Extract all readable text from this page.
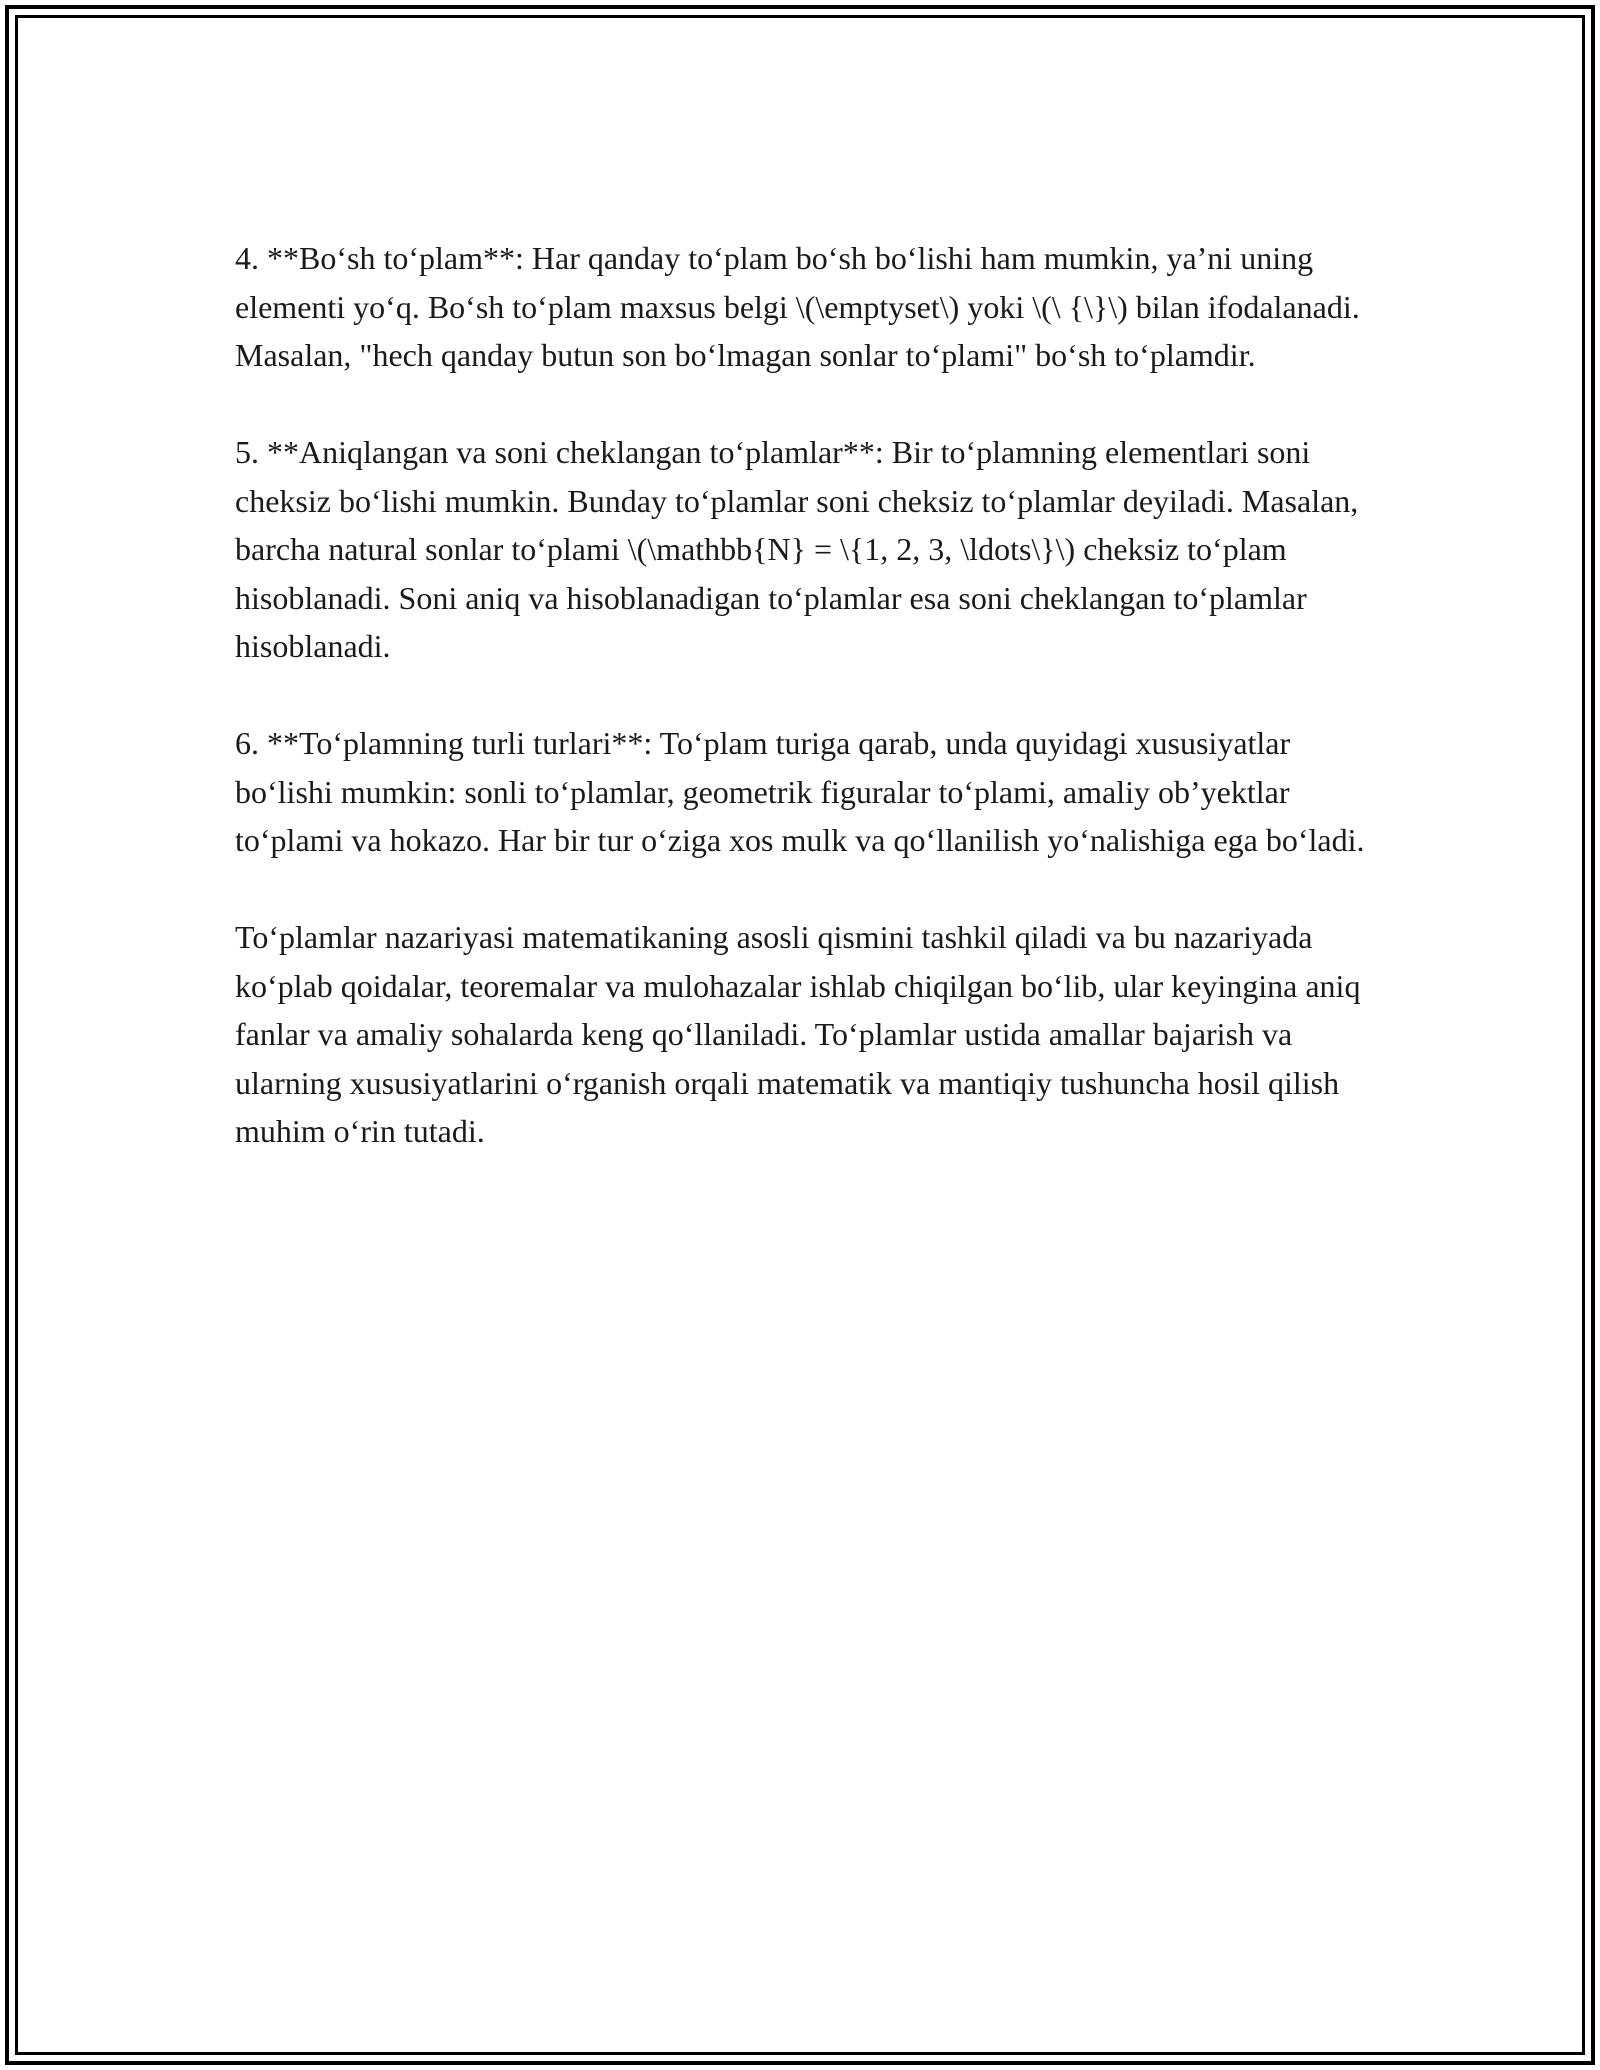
4. **Bo‘sh to‘plam**: Har qanday to‘plam bo‘sh bo‘lishi ham mumkin, ya’ni uning elementi yo‘q. Bo‘sh to‘plam maxsus belgi \(\emptyset\) yoki \(\ {\}\) bilan ifodalanadi. Masalan, "hech qanday butun son bo‘lmagan sonlar to‘plami" bo‘sh to‘plamdir.

5. **Aniqlangan va soni cheklangan to‘plamlar**: Bir to‘plamning elementlari soni cheksiz bo‘lishi mumkin. Bunday to‘plamlar soni cheksiz to‘plamlar deyiladi. Masalan, barcha natural sonlar to‘plami \(\mathbb{N} = \{1, 2, 3, \ldots\}\) cheksiz to‘plam hisoblanadi. Soni aniq va hisoblanadigan to‘plamlar esa soni cheklangan to‘plamlar hisoblanadi.

6. **To‘plamning turli turlari**: To‘plam turiga qarab, unda quyidagi xususiyatlar bo‘lishi mumkin: sonli to‘plamlar, geometrik figuralar to‘plami, amaliy ob’yektlar to‘plami va hokazo. Har bir tur o‘ziga xos mulk va qo‘llanilish yo‘nalishiga ega bo‘ladi.

To‘plamlar nazariyasi matematikaning asosli qismini tashkil qiladi va bu nazariyada ko‘plab qoidalar, teoremalar va mulohazalar ishlab chiqilgan bo‘lib, ular keyingina aniq fanlar va amaliy sohalarda keng qo‘llaniladi. To‘plamlar ustida amallar bajarish va ularning xususiyatlarini o‘rganish orqali matematik va mantiqiy tushuncha hosil qilish muhim o‘rin tutadi.
